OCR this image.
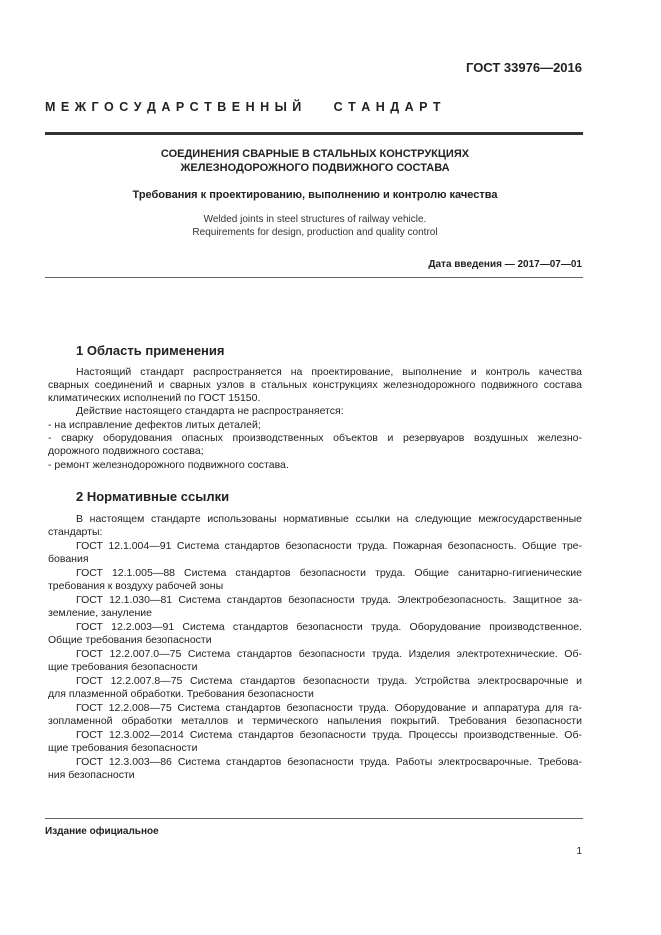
ГОСТ 33976—2016
М Е Ж Г О С У Д А Р С Т В Е Н Н Ы Й       С Т А Н Д А Р Т
СОЕДИНЕНИЯ СВАРНЫЕ В СТАЛЬНЫХ КОНСТРУКЦИЯХ
ЖЕЛЕЗНОДОРОЖНОГО ПОДВИЖНОГО СОСТАВА
Требования к проектированию, выполнению и контролю качества
Welded joints in steel structures of railway vehicle.
Requirements for design, production and quality control
Дата введения — 2017—07—01
1 Область применения
Настоящий стандарт распространяется на проектирование, выполнение и контроль качества
сварных соединений и сварных узлов в стальных конструкциях железнодорожного подвижного состава
климатических исполнений по ГОСТ 15150.
Действие настоящего стандарта не распространяется:
- на исправление дефектов литых деталей;
- сварку оборудования опасных производственных объектов и резервуаров воздушных железно-
дорожного подвижного состава;
- ремонт железнодорожного подвижного состава.
2 Нормативные ссылки
В настоящем стандарте использованы нормативные ссылки на следующие межгосударственные
стандарты:
ГОСТ 12.1.004—91 Система стандартов безопасности труда. Пожарная безопасность. Общие тре-
бования
ГОСТ 12.1.005—88 Система стандартов безопасности труда. Общие санитарно-гигиенические
требования к воздуху рабочей зоны
ГОСТ 12.1.030—81 Система стандартов безопасности труда. Электробезопасность. Защитное за-
земление, зануление
ГОСТ 12.2.003—91 Система стандартов безопасности труда. Оборудование производственное.
Общие требования безопасности
ГОСТ 12.2.007.0—75 Система стандартов безопасности труда. Изделия электротехнические. Об-
щие требования безопасности
ГОСТ 12.2.007.8—75 Система стандартов безопасности труда. Устройства электросварочные и
для плазменной обработки. Требования безопасности
ГОСТ 12.2.008—75 Система стандартов безопасности труда. Оборудование и аппаратура для га-
зопламенной обработки металлов и термического напыления покрытий. Требования безопасности
ГОСТ 12.3.002—2014 Система стандартов безопасности труда. Процессы производственные. Об-
щие требования безопасности
ГОСТ 12.3.003—86 Система стандартов безопасности труда. Работы электросварочные. Требова-
ния безопасности
Издание официальное
1
